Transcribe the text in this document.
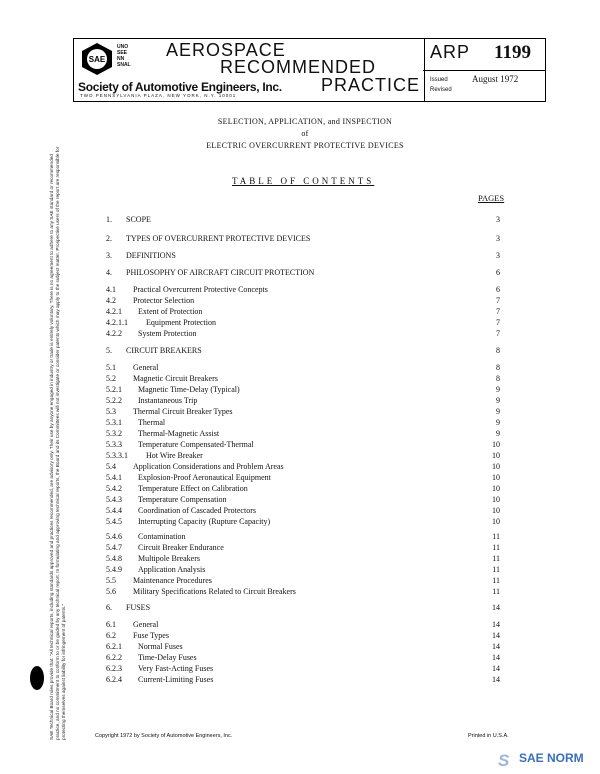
SAE
UNO
SEE
NN
SNAL
AEROSPACE
RECOMMENDED
PRACTICE
Society of Automotive Engineers, Inc.
TWO PENNSYLVANIA PLAZA, NEW YORK, N.Y. 10001
ARP 1199
Issued	August 1972
Revised
SELECTION, APPLICATION, and INSPECTION
of
ELECTRIC OVERCURRENT PROTECTIVE DEVICES
TABLE OF CONTENTS
PAGES
1. SCOPE	3
2. TYPES OF OVERCURRENT PROTECTIVE DEVICES	3
3. DEFINITIONS	3
4. PHILOSOPHY OF AIRCRAFT CIRCUIT PROTECTION	6
4.1 Practical Overcurrent Protective Concepts	6
4.2 Protector Selection	7
4.2.1 Extent of Protection	7
4.2.1.1 Equipment Protection	7
4.2.2 System Protection	7
5. CIRCUIT BREAKERS	8
5.1 General	8
5.2 Magnetic Circuit Breakers	8
5.2.1 Magnetic Time-Delay (Typical)	9
5.2.2 Instantaneous Trip	9
5.3 Thermal Circuit Breaker Types	9
5.3.1 Thermal	9
5.3.2 Thermal-Magnetic Assist	9
5.3.3 Temperature Compensated-Thermal	10
5.3.3.1 Hot Wire Breaker	10
5.4 Application Considerations and Problem Areas	10
5.4.1 Explosion-Proof Aeronautical Equipment	10
5.4.2 Temperature Effect on Calibration	10
5.4.3 Temperature Compensation	10
5.4.4 Coordination of Cascaded Protectors	10
5.4.5 Interrupting Capacity (Rupture Capacity)	10
5.4.6 Contamination	11
5.4.7 Circuit Breaker Endurance	11
5.4.8 Multipole Breakers	11
5.4.9 Application Analysis	11
5.5 Maintenance Procedures	11
5.6 Military Specifications Related to Circuit Breakers	11
6. FUSES	14
6.1 General	14
6.2 Fuse Types	14
6.2.1 Normal Fuses	14
6.2.2 Time-Delay Fuses	14
6.2.3 Very Fast-Acting Fuses	14
6.2.4 Current-Limiting Fuses	14
SAE Technical Board rules provide that: "All technical reports, including standards approved and practices recommended, are advisory only. Their use by anyone engaged in industry or trade is entirely voluntary. There is no agreement to adhere to any SAE standard or recommended practice, and no commitment to conform to or be guided by any technical report. In formulating and approving technical reports, the Board and its Committees will not investigate or consider patents which may apply to the subject matter. Prospective users of the report are responsible for protecting themselves against liability for infringement of patents."	Copyright 1972 by Society of Automotive Engineers, Inc.	Printed in U.S.A.
S SAE NORM
